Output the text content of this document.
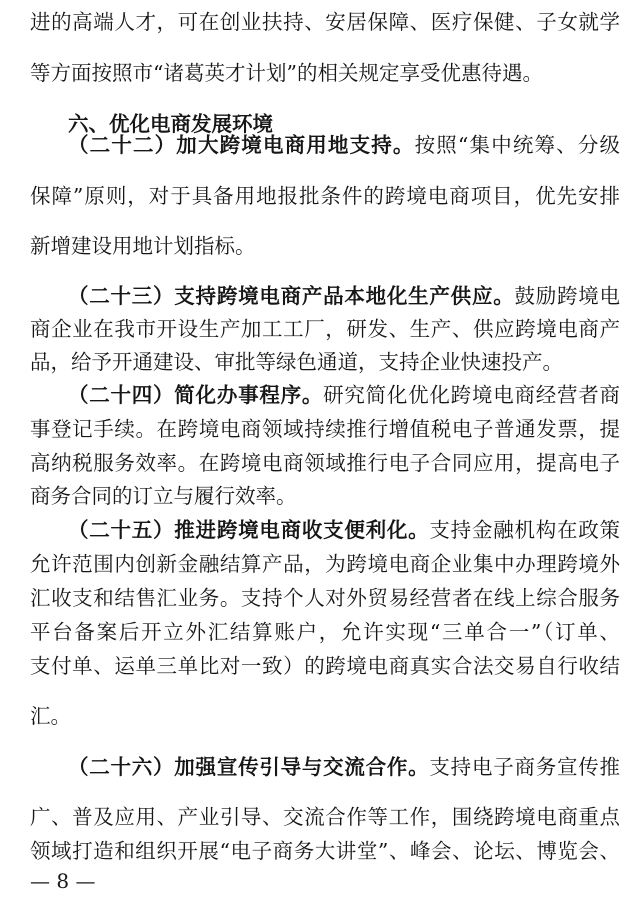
进的高端人才，可在创业扶持、安居保障、医疗保健、子女就学
等方面按照市“诸葛英才计划”的相关规定享受优惠待遇。
六、优化电商发展环境
（二十二）加大跨境电商用地支持。按照“集中统筹、分级
保障”原则，对于具备用地报批条件的跨境电商项目，优先安排
新增建设用地计划指标。
（二十三）支持跨境电商产品本地化生产供应。鼓励跨境电
商企业在我市开设生产加工工厂，研发、生产、供应跨境电商产
品，给予开通建设、审批等绿色通道，支持企业快速投产。
（二十四）简化办事程序。研究简化优化跨境电商经营者商
事登记手续。在跨境电商领域持续推行增值税电子普通发票，提
高纳税服务效率。在跨境电商领域推行电子合同应用，提高电子
商务合同的订立与履行效率。
（二十五）推进跨境电商收支便利化。支持金融机构在政策
允许范围内创新金融结算产品，为跨境电商企业集中办理跨境外
汇收支和结售汇业务。支持个人对外贸易经营者在线上综合服务
平台备案后开立外汇结算账户，允许实现“三单合一”（订单、
支付单、运单三单比对一致）的跨境电商真实合法交易自行收结
汇。
（二十六）加强宣传引导与交流合作。支持电子商务宣传推
广、普及应用、产业引导、交流合作等工作，围绕跨境电商重点
领域打造和组织开展“电子商务大讲堂”、峰会、论坛、博览会、
— 8 —
